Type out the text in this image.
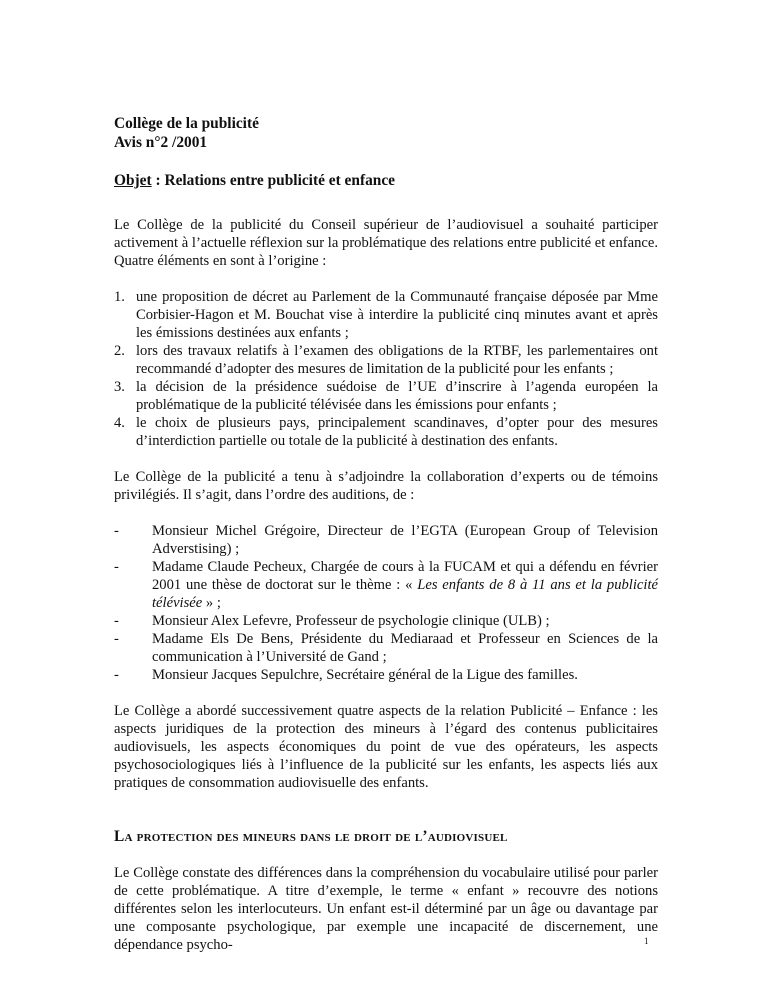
Collège de la publicité
Avis n°2 /2001
Objet : Relations entre publicité et enfance

Le Collège de la publicité du Conseil supérieur de l’audiovisuel a souhaité participer activement à l’actuelle réflexion sur la problématique des relations entre publicité et enfance. Quatre éléments en sont à l’origine :

1. une proposition de décret au Parlement de la Communauté française déposée par Mme Corbisier-Hagon et M. Bouchat vise à interdire la publicité cinq minutes avant et après les émissions destinées aux enfants ;
2. lors des travaux relatifs à l’examen des obligations de la RTBF, les parlementaires ont recommandé d’adopter des mesures de limitation de la publicité pour les enfants ;
3. la décision de la présidence suédoise de l’UE d’inscrire à l’agenda européen la problématique de la publicité télévisée dans les émissions pour enfants ;
4. le choix de plusieurs pays, principalement scandinaves, d’opter pour des mesures d’interdiction partielle ou totale de la publicité à destination des enfants.

Le Collège de la publicité a tenu à s’adjoindre la collaboration d’experts ou de témoins privilégiés. Il s’agit, dans l’ordre des auditions, de :

- Monsieur Michel Grégoire, Directeur de l’EGTA (European Group of Television Adverstising) ;
- Madame Claude Pecheux, Chargée de cours à la FUCAM et qui a défendu en février 2001 une thèse de doctorat sur le thème : « Les enfants de 8 à 11 ans et la publicité télévisée » ;
- Monsieur Alex Lefevre, Professeur de psychologie clinique (ULB) ;
- Madame Els De Bens, Présidente du Mediaraad et Professeur en Sciences de la communication à l’Université de Gand ;
- Monsieur Jacques Sepulchre, Secrétaire général de la Ligue des familles.

Le Collège a abordé successivement quatre aspects de la relation Publicité – Enfance : les aspects juridiques de la protection des mineurs à l’égard des contenus publicitaires audiovisuels, les aspects économiques du point de vue des opérateurs, les aspects psychosociologiques liés à l’influence de la publicité sur les enfants, les aspects liés aux pratiques de consommation audiovisuelle des enfants.

La protection des mineurs dans le droit de l’audiovisuel

Le Collège constate des différences dans la compréhension du vocabulaire utilisé pour parler de cette problématique. A titre d’exemple, le terme « enfant » recouvre des notions différentes selon les interlocuteurs. Un enfant est-il déterminé par un âge ou davantage par une composante psychologique, par exemple une incapacité de discernement, une dépendance psycho-	1
